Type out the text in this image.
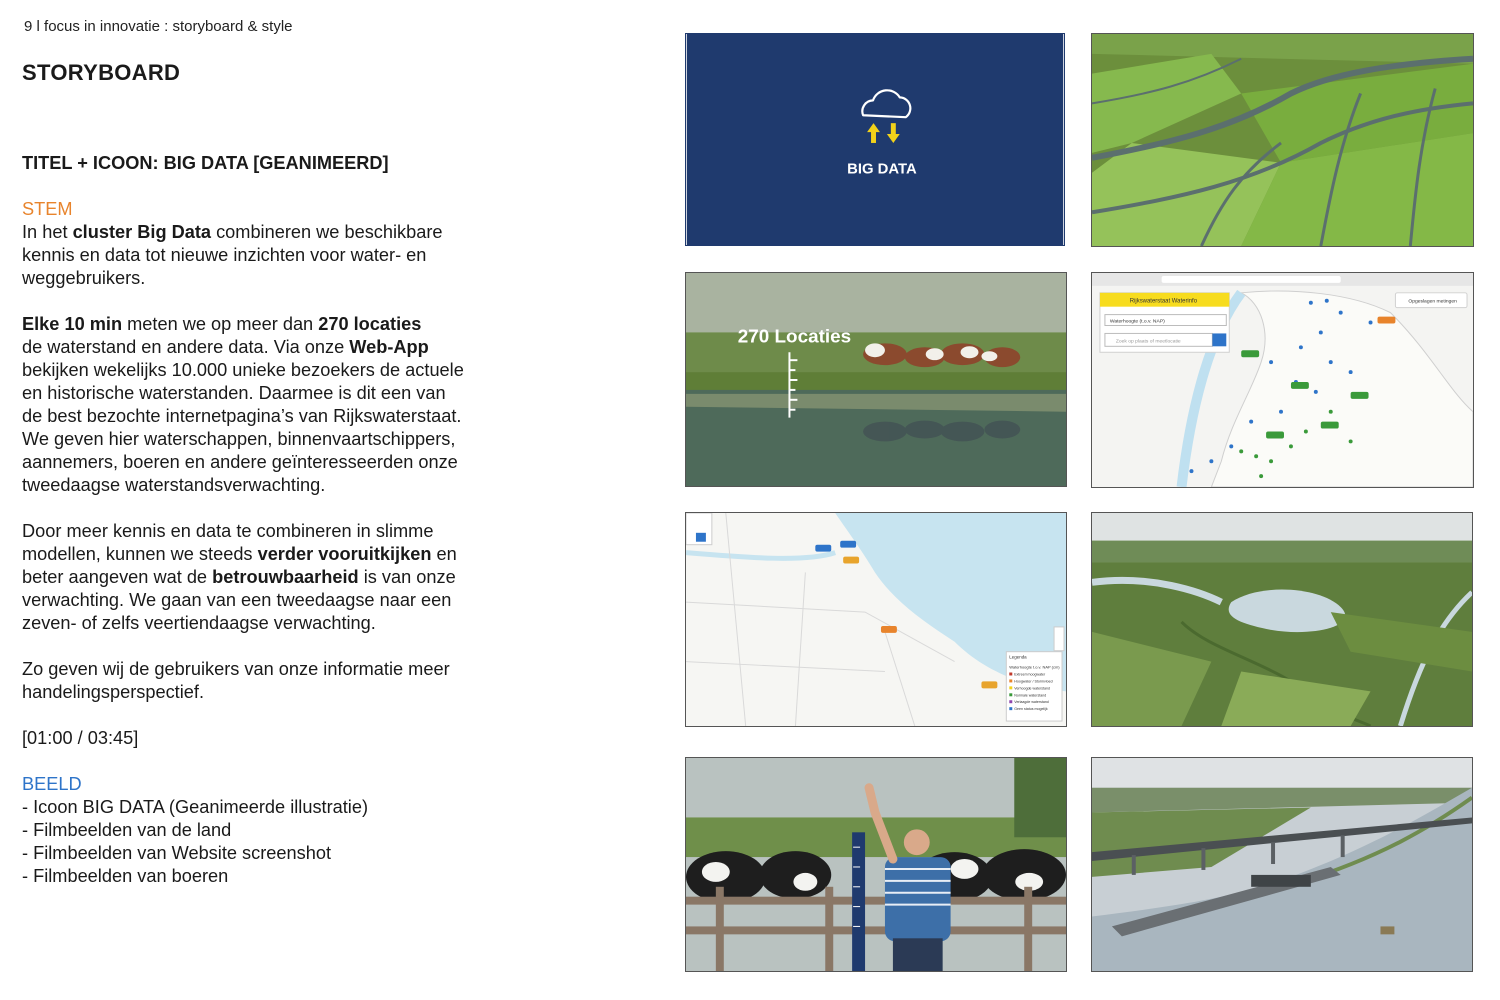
9 l focus in innovatie : storyboard & style
STORYBOARD
TITEL + ICOON: BIG DATA [GEANIMEERD]
STEM

In het cluster Big Data combineren we beschikbare
kennis en data tot nieuwe inzichten voor water- en
weggebruikers.

Elke 10 min meten we op meer dan 270 locaties
de waterstand en andere data. Via onze Web-App
bekijken wekelijks 10.000 unieke bezoekers de actuele
en historische waterstanden. Daarmee is dit een van
de best bezochte internetpagina’s van Rijkswaterstaat.
We geven hier waterschappen, binnenvaartschippers,
aannemers, boeren en andere geïnteresseerden onze
tweedaagse waterstandsverwachting.

Door meer kennis en data te combineren in slimme
modellen, kunnen we steeds verder vooruitkijken en
beter aangeven wat de betrouwbaarheid is van onze
verwachting. We gaan van een tweedaagse naar een
zeven- of zelfs veertiendaagse verwachting.

Zo geven wij de gebruikers van onze informatie meer
handelingsperspectief.

[01:00 / 03:45]

BEELD
- Icoon BIG DATA (Geanimeerde illustratie)
- Filmbeelden van de land
- Filmbeelden van Website screenshot
- Filmbeelden van boeren
BIG DATA
270 Locaties
Rijkswaterstaat Waterinfo
Waterhoogte (t.o.v. NAP)
Zoek op plaats of meetlocatie
Opgeslagen metingen
Legenda
Waterhoogte t.o.v. NAP (cm)
Extreem hoogwater
Hoogwater / Stormvloed
Verhoogde waterstand
Normale waterstand
Verlaagde waterstand
Geen status mogelijk
